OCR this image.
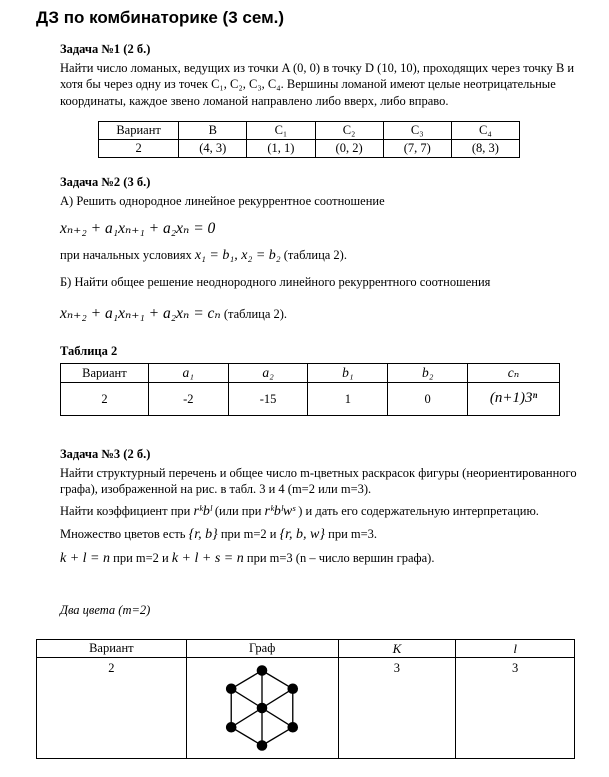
ДЗ по комбинаторике (3 сем.)

Задача №1 (2 б.)

Найти число ломаных, ведущих из точки A (0, 0) в точку D (10, 10), проходящих через точку B и хотя бы через одну из точек C₁, C₂, C₃, C₄. Вершины ломаной имеют целые неотрицательные координаты, каждое звено ломаной направлено либо вверх, либо вправо.

Вариант	В	С₁	С₂	С₃	С₄
2	(4, 3)	(1, 1)	(0, 2)	(7, 7)	(8, 3)

Задача №2 (3 б.)

А) Решить однородное линейное рекуррентное соотношение

xₙ₊₂ + a₁xₙ₊₁ + a₂xₙ = 0

при начальных условиях x₁ = b₁, x₂ = b₂ (таблица 2).

Б) Найти общее решение неоднородного линейного рекуррентного соотношения

xₙ₊₂ + a₁xₙ₊₁ + a₂xₙ = cₙ (таблица 2).

Таблица 2

Вариант	a₁	a₂	b₁	b₂	cₙ
2	-2	-15	1	0	(n+1)3ⁿ

Задача №3 (2 б.)

Найти структурный перечень и общее число m-цветных раскрасок фигуры (неориентированного графа), изображенной на рис. в табл. 3 и 4 (m=2 или m=3).

Найти коэффициент при rᵏbˡ (или при rᵏbˡwˢ ) и дать его содержательную интерпретацию.

Множество цветов есть {r, b} при m=2 и {r, b, w} при m=3.

k + l = n при m=2 и k + l + s = n при m=3 (n – число вершин графа).

Два цвета (m=2)

Вариант	Граф	K	l
2		3	3
